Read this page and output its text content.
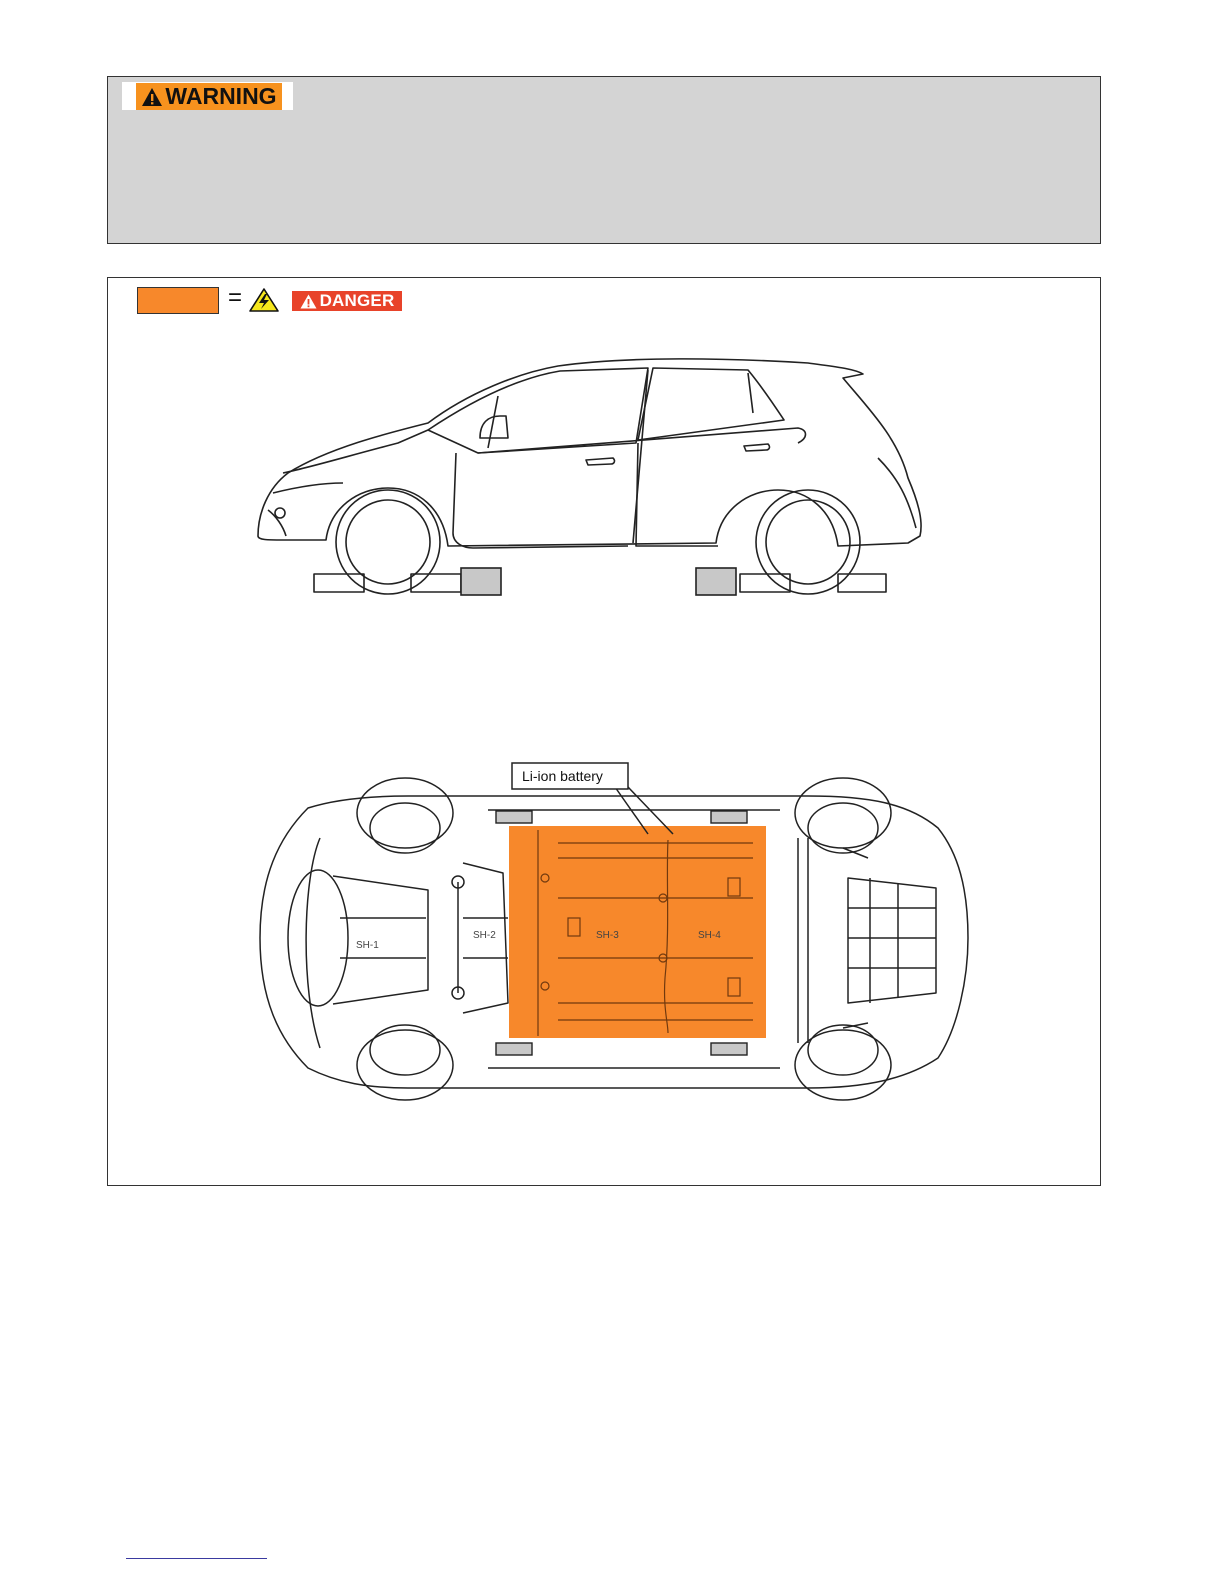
WARNING
=	DANGER
SH-1
SH-2	SH-3	SH-4
Li-ion battery
